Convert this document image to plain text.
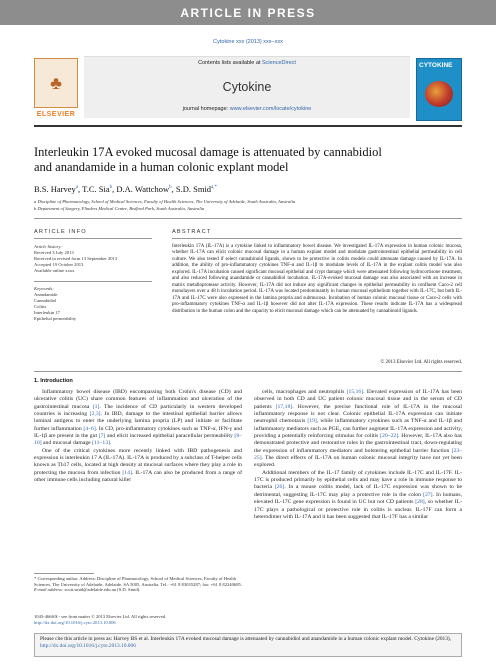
ARTICLE IN PRESS
Cytokine xxx (2013) xxx–xxx
♣
ELSEVIER
Contents lists available at ScienceDirect
Cytokine
journal homepage: www.elsevier.com/locate/cytokine
CYTOKINE
Interleukin 17A evoked mucosal damage is attenuated by cannabidiol
and anandamide in a human colonic explant model
B.S. Harvey$^a$, T.C. Sia$^b$, D.A. Wattchow$^b$, S.D. Smid$^{a,*}$
a Discipline of Pharmacology, School of Medical Sciences, Faculty of Health Sciences, The University of Adelaide, South Australia, Australia
b Department of Surgery, Flinders Medical Centre, Bedford Park, South Australia, Australia
ARTICLE INFO	ABSTRACT
Article history:
Received 3 July 2013
Received in revised form 13 September 2013
Accepted 19 October 2013
Available online xxxx
Keywords:
Anandamide
Cannabidiol
Colitis
Interleukin 17
Epithelial permeability
Interleukin 17A (IL-17A) is a cytokine linked to inflammatory bowel disease. We investigated IL-17A expression in human colonic mucosa, whether IL-17A can elicit colonic mucosal damage in a human explant model and modulate gastrointestinal epithelial permeability in cell culture. We also tested if select cannabinoid ligands, shown to be protective in colitis models could attenuate damage caused by IL-17A. In addition, the ability of pro-inflammatory cytokines TNF-α and IL-1β to modulate levels of IL-17A in the explant colitis model was also explored. IL-17A incubation caused significant mucosal epithelial and crypt damage which were attenuated following hydrocortisone treatment, and also reduced following anandamide or cannabidiol incubation. IL-17A-evoked mucosal damage was also associated with an increase in matrix metalloprotease activity. However, IL-17A did not induce any significant changes in epithelial permeability in confluent Caco-2 cell monolayers over a 48 h incubation period. IL-17A was located predominantly in human mucosal epithelium together with IL-17C, but both IL-17A and IL-17C were also expressed in the lamina propria and submucosa. Incubation of human colonic mucosal tissue or Caco-2 cells with pro-inflammatory cytokines TNF-α and IL-1β however did not alter IL-17A expression. These results indicate IL-17A has a widespread distribution in the human colon and the capacity to elicit mucosal damage which can be attenuated by cannabinoid ligands.
© 2013 Elsevier Ltd. All rights reserved.
1. Introduction

Inflammatory bowel disease (IBD) encompassing both Crohn's disease (CD) and ulcerative colitis (UC) share common features of inflammation and ulceration of the gastrointestinal mucosa [1]. The incidence of CD particularly in western developed countries is increasing [2,3]. In IBD, damage to the intestinal epithelial barrier allows luminal antigens to enter the underlying lamina propria (LP) and initiate or facilitate further inflammation [4–6]. In CD, pro-inflammatory cytokines such as TNF-α, IFN-γ and IL-1β are present in the gut [7] and elicit increased epithelial paracellular permeability [8–10] and mucosal damage [11–13].

One of the critical cytokines more recently linked with IBD pathogenesis and expression is interleukin 17 A (IL-17A). IL-17A is produced by a subclass of T-helper cells known as Th17 cells, located at high density at mucosal surfaces where they play a role in protecting the mucosa from infection [14]. IL-17A can also be produced from a range of other immune cells including natural killer

cells, macrophages and neutrophils [15,16]. Elevated expression of IL-17A has been observed in both CD and UC patient colonic mucosal tissue and in the serum of CD patients [17,18]. However, the precise functional role of IL-17A in the mucosal inflammatory response is not clear. Colonic epithelial IL-17A expression can initiate neutrophil chemotaxis [19], while inflammatory cytokines such as TNF-α and IL-1β and inflammatory mediators such as PGE₂ can further augment IL-17A expression and activity, providing a potentially reinforcing stimulus for colitis [20–22]. However, IL-17A also has demonstrated protective and restorative roles in the gastrointestinal tract, down-regulating the expression of inflammatory mediators and bolstering epithelial barrier function [23–25]. The direct effects of IL-17A on human colonic mucosal integrity have not yet been explored.

Additional members of the IL-17 family of cytokines include IL-17C and IL-17F. IL-17C is produced primarily by epithelial cells and may have a role in immune response to bacteria [26]. In a mouse colitis model, lack of IL-17C expression was shown to be detrimental, suggesting IL-17C may play a protective role in the colon [27]. In humans, elevated IL-17C gene expression is found in UC but not CD patients [28], so whether IL-17C plays a pathological or protective role in colitis is unclear. IL-17F can form a heterodimer with IL-17A and it has been suggested that IL-17F has a similar

* Corresponding author. Address: Discipline of Pharmacology, School of Medical Sciences, Faculty of Health Sciences, The University of Adelaide, Adelaide, SA 5005, Australia. Tel.: +61 8 83035287; fax: +61 8 82240685.
E-mail address: scott.smid@adelaide.edu.au (S.D. Smid).
1043-4666/$ - see front matter © 2013 Elsevier Ltd. All rights reserved.
http://dx.doi.org/10.1016/j.cyto.2013.10.006
Please cite this article in press as: Harvey BS et al. Interleukin 17A evoked mucosal damage is attenuated by cannabidiol and anandamide in a human colonic explant model. Cytokine (2013), http://dx.doi.org/10.1016/j.cyto.2013.10.006
